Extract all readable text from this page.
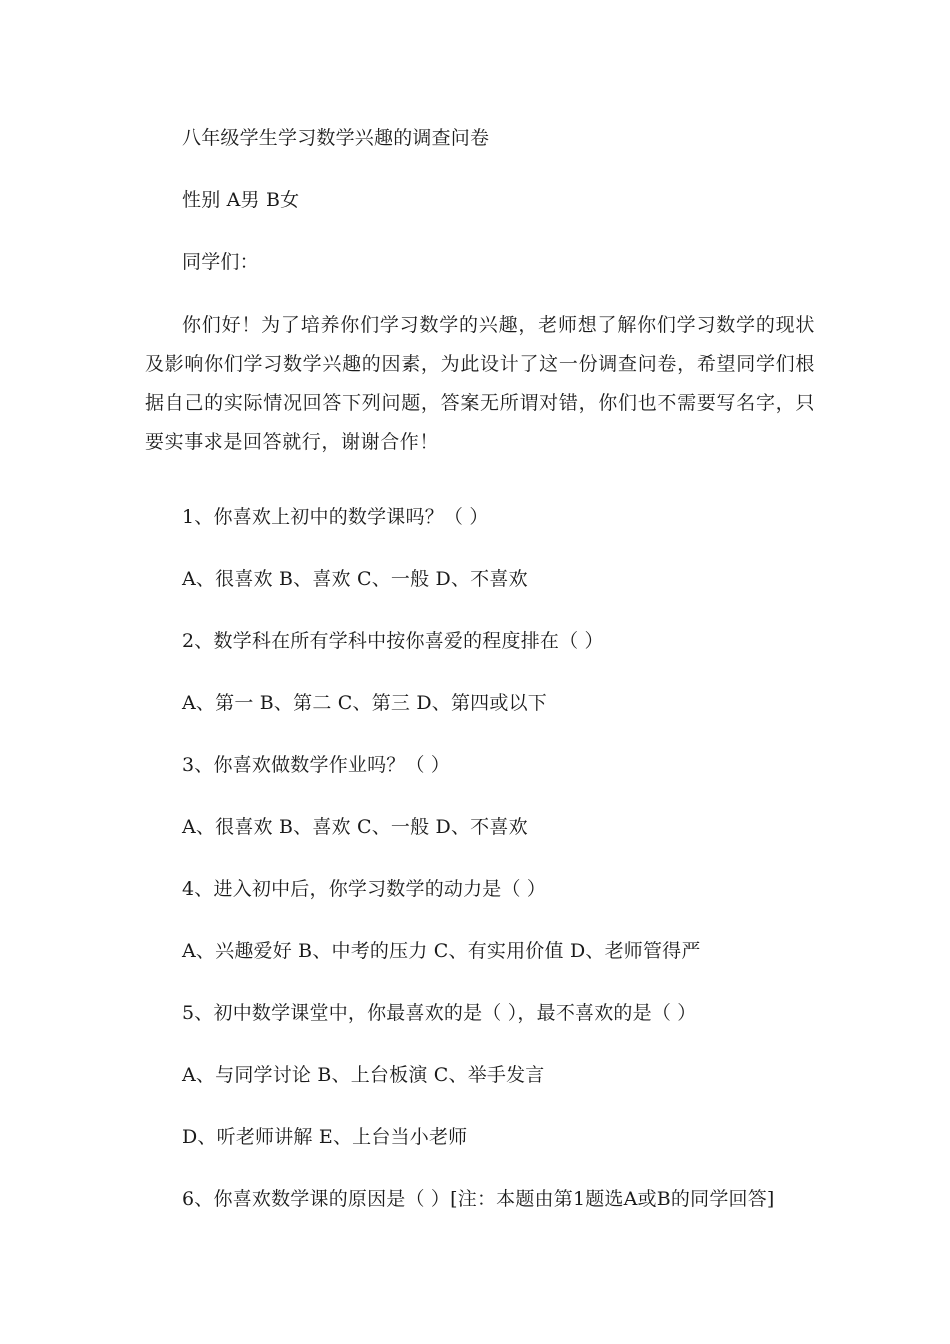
八年级学生学习数学兴趣的调查问卷
性别 A男 B女
同学们：
你们好！为了培养你们学习数学的兴趣，老师想了解你们学习数学的现状及影响你们学习数学兴趣的因素，为此设计了这一份调查问卷，希望同学们根据自己的实际情况回答下列问题，答案无所谓对错，你们也不需要写名字，只要实事求是回答就行，谢谢合作！
1、你喜欢上初中的数学课吗？（ ）
A、很喜欢 B、喜欢 C、一般 D、不喜欢
2、数学科在所有学科中按你喜爱的程度排在（ ）
A、第一 B、第二 C、第三 D、第四或以下
3、你喜欢做数学作业吗？（ ）
A、很喜欢 B、喜欢 C、一般 D、不喜欢
4、进入初中后，你学习数学的动力是（ ）
A、兴趣爱好 B、中考的压力 C、有实用价值 D、老师管得严
5、初中数学课堂中，你最喜欢的是（ ），最不喜欢的是（ ）
A、与同学讨论 B、上台板演 C、举手发言
D、听老师讲解 E、上台当小老师
6、你喜欢数学课的原因是（ ）[注：本题由第1题选A或B的同学回答]
